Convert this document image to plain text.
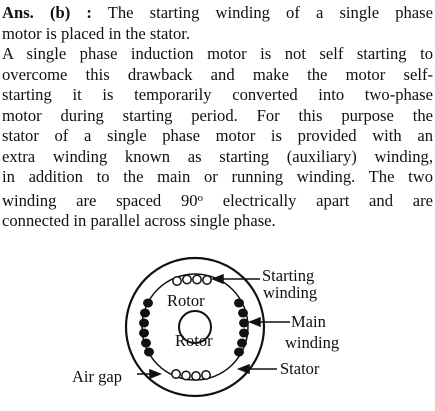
Ans. (b) : The starting winding of a single phase
motor is placed in the stator.
A single phase induction motor is not self starting to
overcome this drawback and make the motor self-
starting it is temporarily converted into two-phase
motor during starting period. For this purpose the
stator of a single phase motor is provided with an
extra winding known as starting (auxiliary) winding,
in addition to the main or running winding. The two
winding are spaced 90$^o$ electrically apart and are
connected in parallel across single phase.
Rotor
Rotor
Starting
winding
Main
winding
Stator
Air gap
